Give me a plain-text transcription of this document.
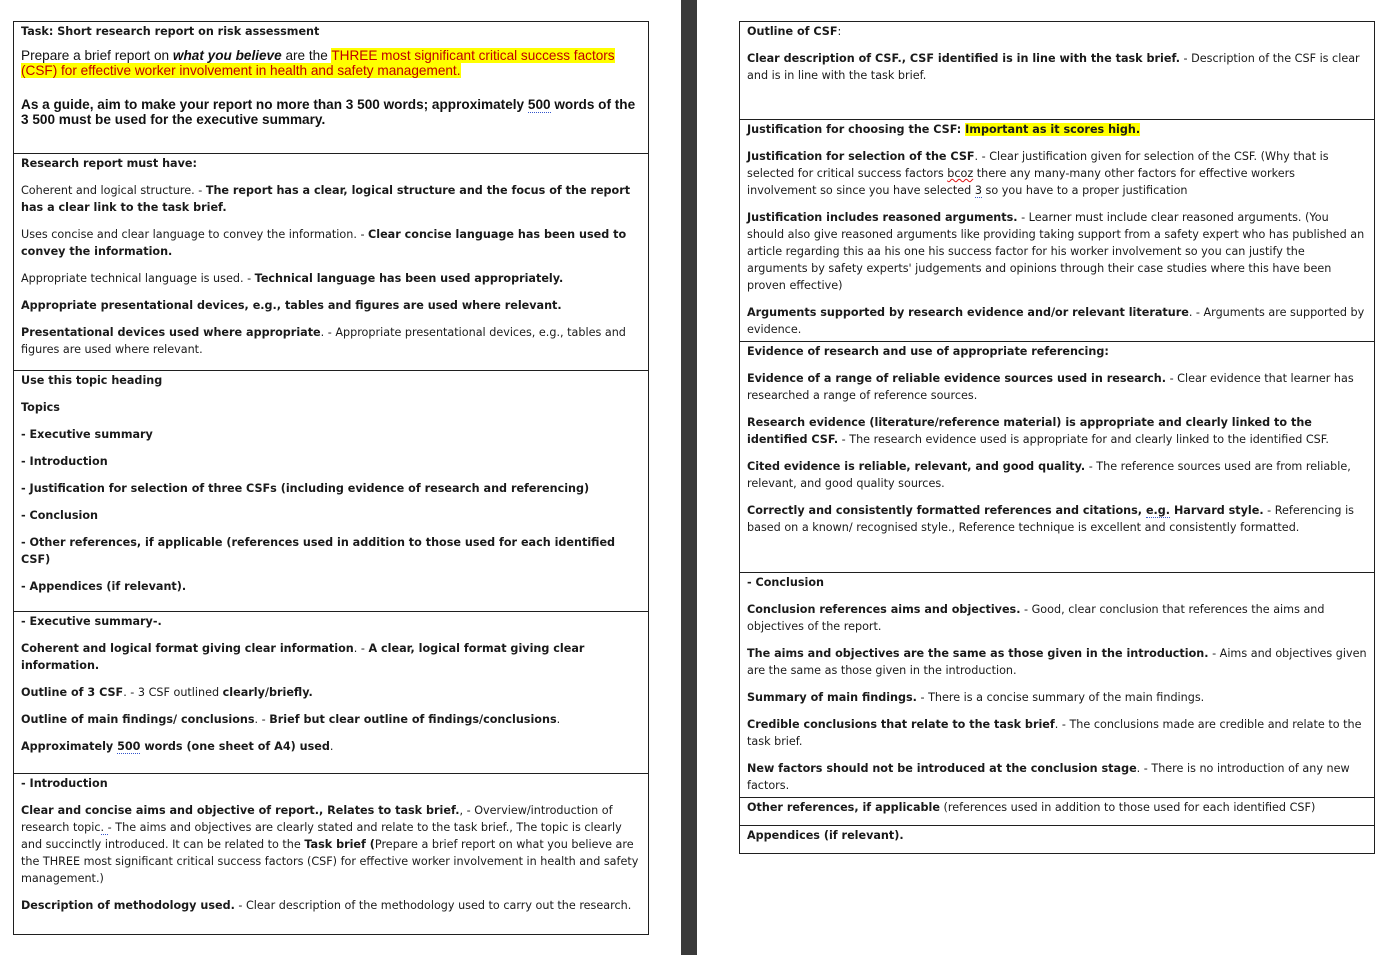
Task: Short research report on risk assessment

Prepare a brief report on what you believe are the THREE most significant critical success factors (CSF) for effective worker involvement in health and safety management.

As a guide, aim to make your report no more than 3 500 words; approximately 500 words of the 3 500 must be used for the executive summary.

Research report must have:

Coherent and logical structure. - The report has a clear, logical structure and the focus of the report has a clear link to the task brief.

Uses concise and clear language to convey the information. - Clear concise language has been used to convey the information.

Appropriate technical language is used. - Technical language has been used appropriately.

Appropriate presentational devices, e.g., tables and figures are used where relevant.

Presentational devices used where appropriate. - Appropriate presentational devices, e.g., tables and figures are used where relevant.

Use this topic heading

Topics

- Executive summary

- Introduction

- Justification for selection of three CSFs (including evidence of research and referencing)

- Conclusion

- Other references, if applicable (references used in addition to those used for each identified CSF)

- Appendices (if relevant).

- Executive summary-.

Coherent and logical format giving clear information. - A clear, logical format giving clear information.

Outline of 3 CSF. - 3 CSF outlined clearly/briefly.

Outline of main findings/ conclusions. - Brief but clear outline of findings/conclusions.

Approximately 500 words (one sheet of A4) used.

- Introduction

Clear and concise aims and objective of report., Relates to task brief., - Overview/introduction of research topic. - The aims and objectives are clearly stated and relate to the task brief., The topic is clearly and succinctly introduced. It can be related to the Task brief (Prepare a brief report on what you believe are the THREE most significant critical success factors (CSF) for effective worker involvement in health and safety management.)

Description of methodology used. - Clear description of the methodology used to carry out the research.

Outline of CSF:

Clear description of CSF., CSF identified is in line with the task brief. - Description of the CSF is clear and is in line with the task brief.

Justification for choosing the CSF: Important as it scores high.

Justification for selection of the CSF. - Clear justification given for selection of the CSF. (Why that is selected for critical success factors bcoz there any many-many other factors for effective workers involvement so since you have selected 3 so you have to a proper justification

Justification includes reasoned arguments. - Learner must include clear reasoned arguments. (You should also give reasoned arguments like providing taking support from a safety expert who has published an article regarding this aa his one his success factor for his worker involvement so you can justify the arguments by safety experts' judgements and opinions through their case studies where this have been proven effective)

Arguments supported by research evidence and/or relevant literature. - Arguments are supported by evidence.

Evidence of research and use of appropriate referencing:

Evidence of a range of reliable evidence sources used in research. - Clear evidence that learner has researched a range of reference sources.

Research evidence (literature/reference material) is appropriate and clearly linked to the identified CSF. - The research evidence used is appropriate for and clearly linked to the identified CSF.

Cited evidence is reliable, relevant, and good quality. - The reference sources used are from reliable, relevant, and good quality sources.

Correctly and consistently formatted references and citations, e.g. Harvard style. - Referencing is based on a known/ recognised style., Reference technique is excellent and consistently formatted.

- Conclusion

Conclusion references aims and objectives. - Good, clear conclusion that references the aims and objectives of the report.

The aims and objectives are the same as those given in the introduction. - Aims and objectives given are the same as those given in the introduction.

Summary of main findings. - There is a concise summary of the main findings.

Credible conclusions that relate to the task brief. - The conclusions made are credible and relate to the task brief.

New factors should not be introduced at the conclusion stage. - There is no introduction of any new factors.

Other references, if applicable (references used in addition to those used for each identified CSF)

Appendices (if relevant).
